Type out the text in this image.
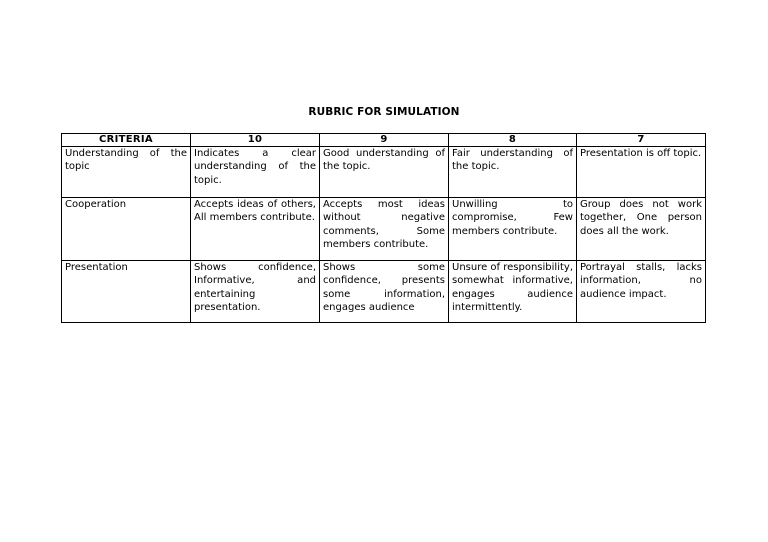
RUBRIC FOR SIMULATION
CRITERIA	10	9	8	7
Understanding of the topic	Indicates a clear understanding of the topic.	Good understanding of the topic.	Fair understanding of the topic.	Presentation is off topic.
Cooperation	Accepts ideas of others, All members contribute.	Accepts most ideas without negative comments, Some members contribute.	Unwilling to compromise, Few members contribute.	Group does not work together, One person does all the work.
Presentation	Shows confidence, Informative, and entertaining presentation.	Shows some confidence, presents some information, engages audience	Unsure of responsibility, somewhat informative, engages audience intermittently.	Portrayal stalls, lacks information, no audience impact.
